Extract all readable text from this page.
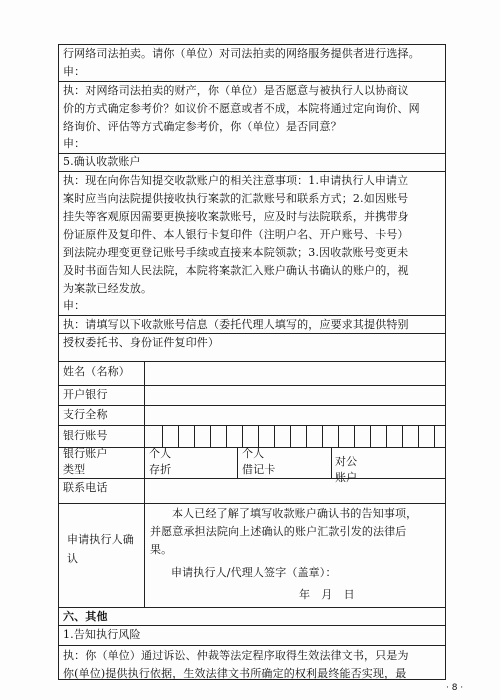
行网络司法拍卖。请你（单位）对司法拍卖的网络服务提供者进行选择。
申：
执：对网络司法拍卖的财产，你（单位）是否愿意与被执行人以协商议
价的方式确定参考价？如议价不愿意或者不成，本院将通过定向询价、网
络询价、评估等方式确定参考价，你（单位）是否同意？
申：
5.确认收款账户
执：现在向你告知提交收款账户的相关注意事项：1.申请执行人申请立
案时应当向法院提供接收执行案款的汇款账号和联系方式；2.如因账号
挂失等客观原因需要更换接收案款账号，应及时与法院联系，并携带身
份证原件及复印件、本人银行卡复印件（注明户名、开户账号、卡号）
到法院办理变更登记账号手续或直接来本院领款；3.因收款账号变更未
及时书面告知人民法院，本院将案款汇入账户确认书确认的账户的，视
为案款已经发放。
申：
执：请填写以下收款账号信息（委托代理人填写的，应要求其提供特别
授权委托书、身份证件复印件）
姓名（名称）
开户银行
支行全称
银行账号
银行账户
类型
个人
存折
个人
借记卡
对公
账户
联系电话
申请执行人确
认
本人已经了解了填写收款账户确认书的告知事项，
并愿意承担法院向上述确认的账户汇款引发的法律后
果。
申请执行人/代理人签字（盖章）：
年　月　日
六、其他
1.告知执行风险
执：你（单位）通过诉讼、仲裁等法定程序取得生效法律文书，只是为
你(单位)提供执行依据，生效法律文书所确定的权利最终能否实现，最
· 8 ·
